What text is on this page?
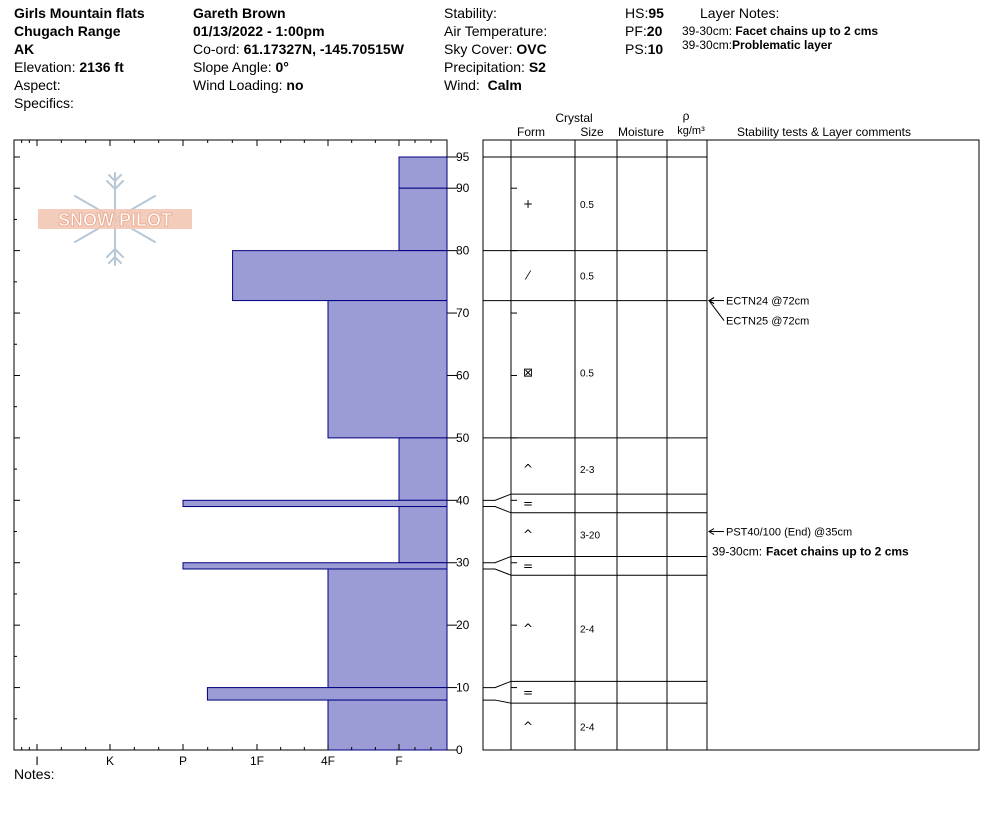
Girls Mountain flats
Chugach Range
AK
Elevation: 2136 ft
Aspect:
Specifics:
Gareth Brown
01/13/2022 - 1:00pm
Co-ord: 61.17327N, -145.70515W
Slope Angle: 0°
Wind Loading: no
Stability:
Air Temperature:
Sky Cover: OVC
Precipitation: S2
Wind: Calm
HS:95
PF:20
PS:10
Layer Notes:
39-30cm: Facet chains up to 2 cms
39-30cm:Problematic layer
Notes:
SNOW PILOT
I	K	P	1F	4F	F
0
10
20
30
40
50
60
70
80
90
95
+	0.5
⁄	0.5
⊠	0.5
^	2-3
=
^	3-20
=
^	2-4
=
^	2-4
ECTN24 @72cm
ECTN25 @72cm
PST40/100 (End) @35cm
39-30cm: Facet chains up to 2 cms
Crystal
Form	Size Moisture
ρ
kg/m³	Stability tests & Layer comments
